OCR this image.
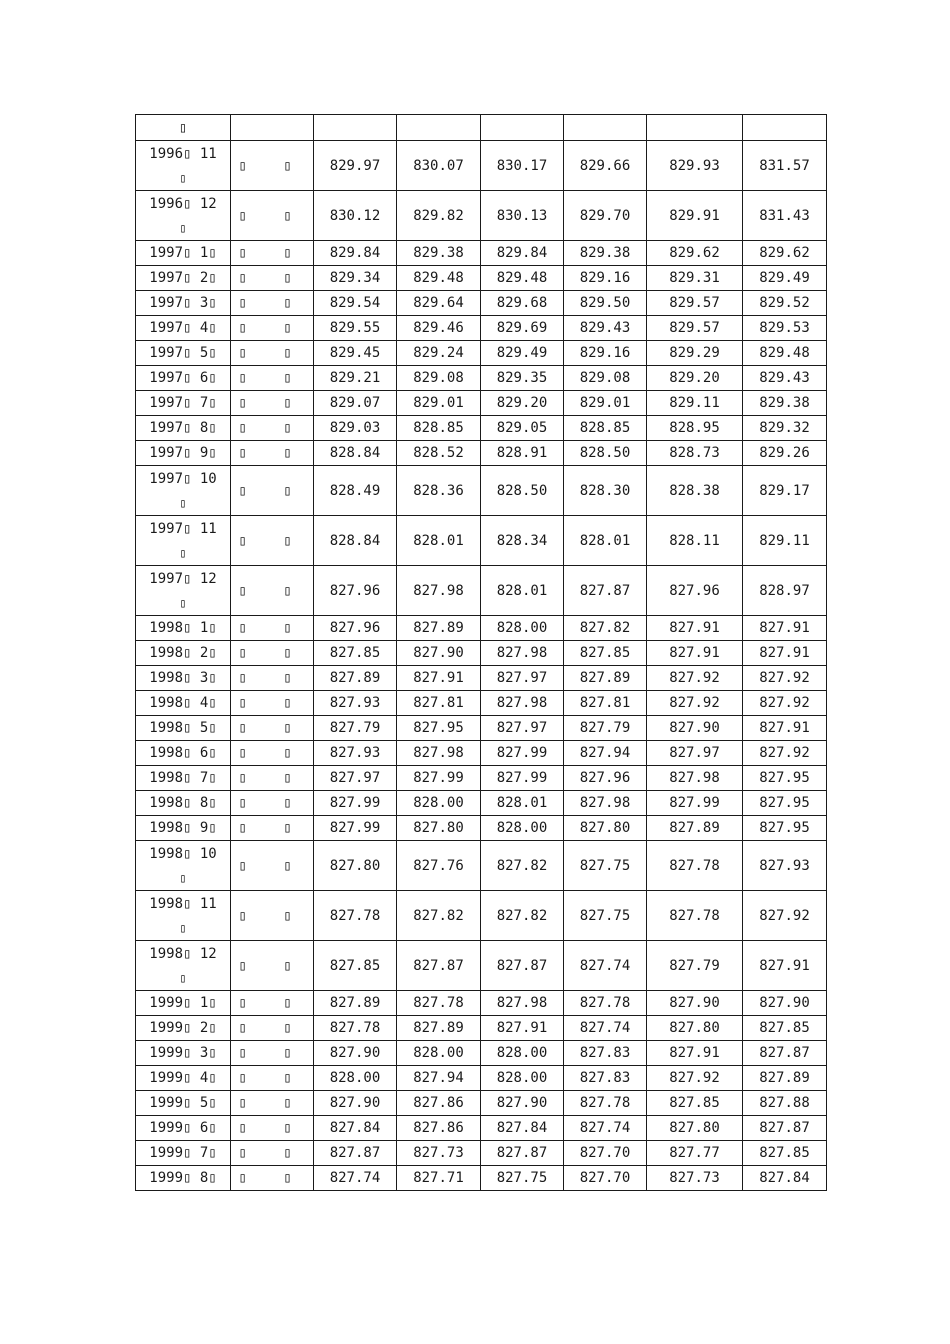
▯							

1996▯ 11
▯	▯ ▯	829.97	830.07	830.17	829.66	829.93	831.57

1996▯ 12
▯	▯ ▯	830.12	829.82	830.13	829.70	829.91	831.43

1997▯ 1▯	▯ ▯	829.84	829.38	829.84	829.38	829.62	829.62

1997▯ 2▯	▯ ▯	829.34	829.48	829.48	829.16	829.31	829.49

1997▯ 3▯	▯ ▯	829.54	829.64	829.68	829.50	829.57	829.52

1997▯ 4▯	▯ ▯	829.55	829.46	829.69	829.43	829.57	829.53

1997▯ 5▯	▯ ▯	829.45	829.24	829.49	829.16	829.29	829.48

1997▯ 6▯	▯ ▯	829.21	829.08	829.35	829.08	829.20	829.43

1997▯ 7▯	▯ ▯	829.07	829.01	829.20	829.01	829.11	829.38

1997▯ 8▯	▯ ▯	829.03	828.85	829.05	828.85	828.95	829.32

1997▯ 9▯	▯ ▯	828.84	828.52	828.91	828.50	828.73	829.26

1997▯ 10
▯	▯ ▯	828.49	828.36	828.50	828.30	828.38	829.17

1997▯ 11
▯	▯ ▯	828.84	828.01	828.34	828.01	828.11	829.11

1997▯ 12
▯	▯ ▯	827.96	827.98	828.01	827.87	827.96	828.97

1998▯ 1▯	▯ ▯	827.96	827.89	828.00	827.82	827.91	827.91

1998▯ 2▯	▯ ▯	827.85	827.90	827.98	827.85	827.91	827.91

1998▯ 3▯	▯ ▯	827.89	827.91	827.97	827.89	827.92	827.92

1998▯ 4▯	▯ ▯	827.93	827.81	827.98	827.81	827.92	827.92

1998▯ 5▯	▯ ▯	827.79	827.95	827.97	827.79	827.90	827.91

1998▯ 6▯	▯ ▯	827.93	827.98	827.99	827.94	827.97	827.92

1998▯ 7▯	▯ ▯	827.97	827.99	827.99	827.96	827.98	827.95

1998▯ 8▯	▯ ▯	827.99	828.00	828.01	827.98	827.99	827.95

1998▯ 9▯	▯ ▯	827.99	827.80	828.00	827.80	827.89	827.95

1998▯ 10
▯	▯ ▯	827.80	827.76	827.82	827.75	827.78	827.93

1998▯ 11
▯	▯ ▯	827.78	827.82	827.82	827.75	827.78	827.92

1998▯ 12
▯	▯ ▯	827.85	827.87	827.87	827.74	827.79	827.91

1999▯ 1▯	▯ ▯	827.89	827.78	827.98	827.78	827.90	827.90

1999▯ 2▯	▯ ▯	827.78	827.89	827.91	827.74	827.80	827.85

1999▯ 3▯	▯ ▯	827.90	828.00	828.00	827.83	827.91	827.87

1999▯ 4▯	▯ ▯	828.00	827.94	828.00	827.83	827.92	827.89

1999▯ 5▯	▯ ▯	827.90	827.86	827.90	827.78	827.85	827.88

1999▯ 6▯	▯ ▯	827.84	827.86	827.84	827.74	827.80	827.87

1999▯ 7▯	▯ ▯	827.87	827.73	827.87	827.70	827.77	827.85

1999▯ 8▯	▯ ▯	827.74	827.71	827.75	827.70	827.73	827.84
